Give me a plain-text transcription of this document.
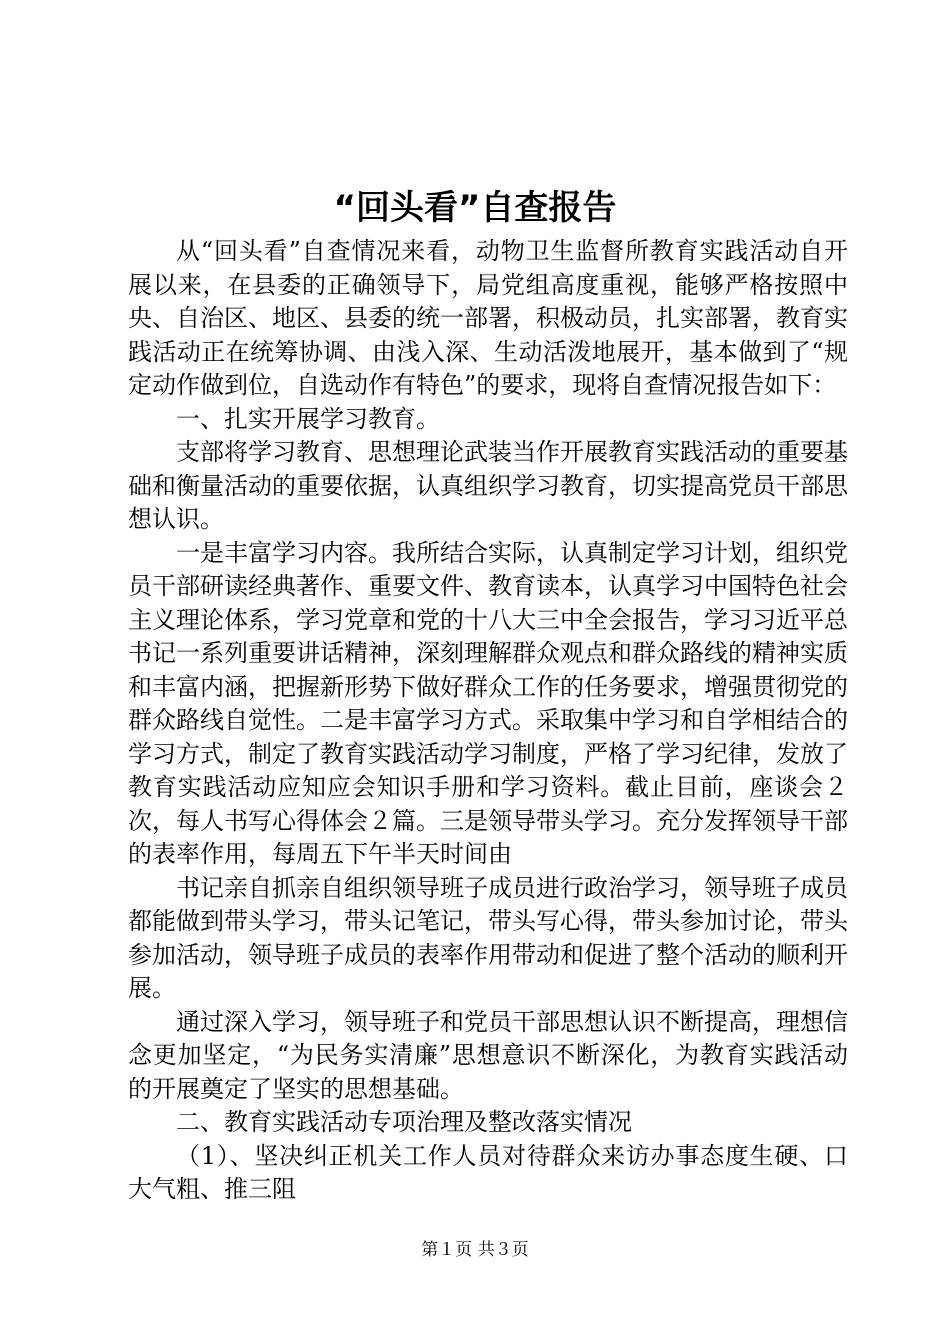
“回头看”自查报告

从“回头看”自查情况来看，动物卫生监督所教育实践活动自开展以来，在县委的正确领导下，局党组高度重视，能够严格按照中央、自治区、地区、县委的统一部署，积极动员，扎实部署，教育实践活动正在统筹协调、由浅入深、生动活泼地展开，基本做到了“规定动作做到位，自选动作有特色”的要求，现将自查情况报告如下：

一、扎实开展学习教育。

支部将学习教育、思想理论武装当作开展教育实践活动的重要基础和衡量活动的重要依据，认真组织学习教育，切实提高党员干部思想认识。

一是丰富学习内容。我所结合实际，认真制定学习计划，组织党员干部研读经典著作、重要文件、教育读本，认真学习中国特色社会主义理论体系，学习党章和党的十八大三中全会报告，学习习近平总书记一系列重要讲话精神，深刻理解群众观点和群众路线的精神实质和丰富内涵，把握新形势下做好群众工作的任务要求，增强贯彻党的群众路线自觉性。二是丰富学习方式。采取集中学习和自学相结合的学习方式，制定了教育实践活动学习制度，严格了学习纪律，发放了教育实践活动应知应会知识手册和学习资料。截止目前，座谈会２次，每人书写心得体会２篇。三是领导带头学习。充分发挥领导干部的表率作用，每周五下午半天时间由

书记亲自抓亲自组织领导班子成员进行政治学习，领导班子成员都能做到带头学习，带头记笔记，带头写心得，带头参加讨论，带头参加活动，领导班子成员的表率作用带动和促进了整个活动的顺利开展。

通过深入学习，领导班子和党员干部思想认识不断提高，理想信念更加坚定，“为民务实清廉”思想意识不断深化，为教育实践活动的开展奠定了坚实的思想基础。

二、教育实践活动专项治理及整改落实情况

（1）、坚决纠正机关工作人员对待群众来访办事态度生硬、口大气粗、推三阻

第１页 共３页
